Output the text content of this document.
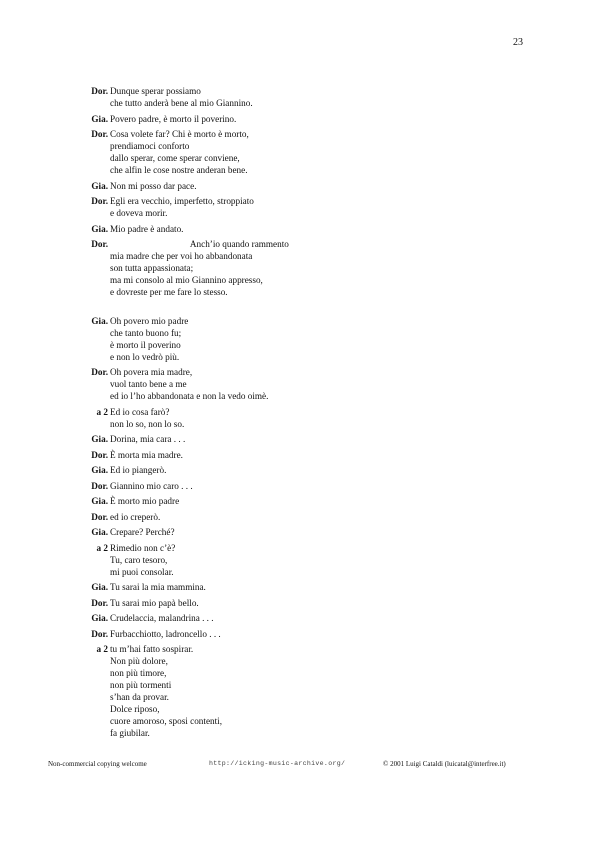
23
Dor. Dunque sperar possiamo
che tutto anderà bene al mio Giannino.
Gia. Povero padre, è morto il poverino.
Dor. Cosa volete far? Chi è morto è morto,
prendiamoci conforto
dallo sperar, come sperar conviene,
che alfin le cose nostre anderan bene.
Gia. Non mi posso dar pace.
Dor. Egli era vecchio, imperfetto, stroppiato
e doveva morir.
Gia. Mio padre è andato.
Dor. Anch’io quando rammento
mia madre che per voi ho abbandonata
son tutta appassionata;
ma mi consolo al mio Giannino appresso,
e dovreste per me fare lo stesso.
Gia. Oh povero mio padre
che tanto buono fu;
è morto il poverino
e non lo vedrò più.
Dor. Oh povera mia madre,
vuol tanto bene a me
ed io l’ho abbandonata e non la vedo oimè.
a 2 Ed io cosa farò?
non lo so, non lo so.
Gia. Dorina, mia cara . . .
Dor. È morta mia madre.
Gia. Ed io piangerò.
Dor. Giannino mio caro . . .
Gia. È morto mio padre
Dor. ed io creperò.
Gia. Crepare? Perché?
a 2 Rimedio non c’è?
Tu, caro tesoro,
mi puoi consolar.
Gia. Tu sarai la mia mammina.
Dor. Tu sarai mio papà bello.
Gia. Crudelaccia, malandrina . . .
Dor. Furbacchiotto, ladroncello . . .
a 2 tu m’hai fatto sospirar.
Non più dolore,
non più timore,
non più tormenti
s’han da provar.
Dolce riposo,
cuore amoroso, sposi contenti,
fa giubilar.
Non-commercial copying welcome	http://icking-music-archive.org/	© 2001 Luigi Cataldi (luicatal@interfree.it)
